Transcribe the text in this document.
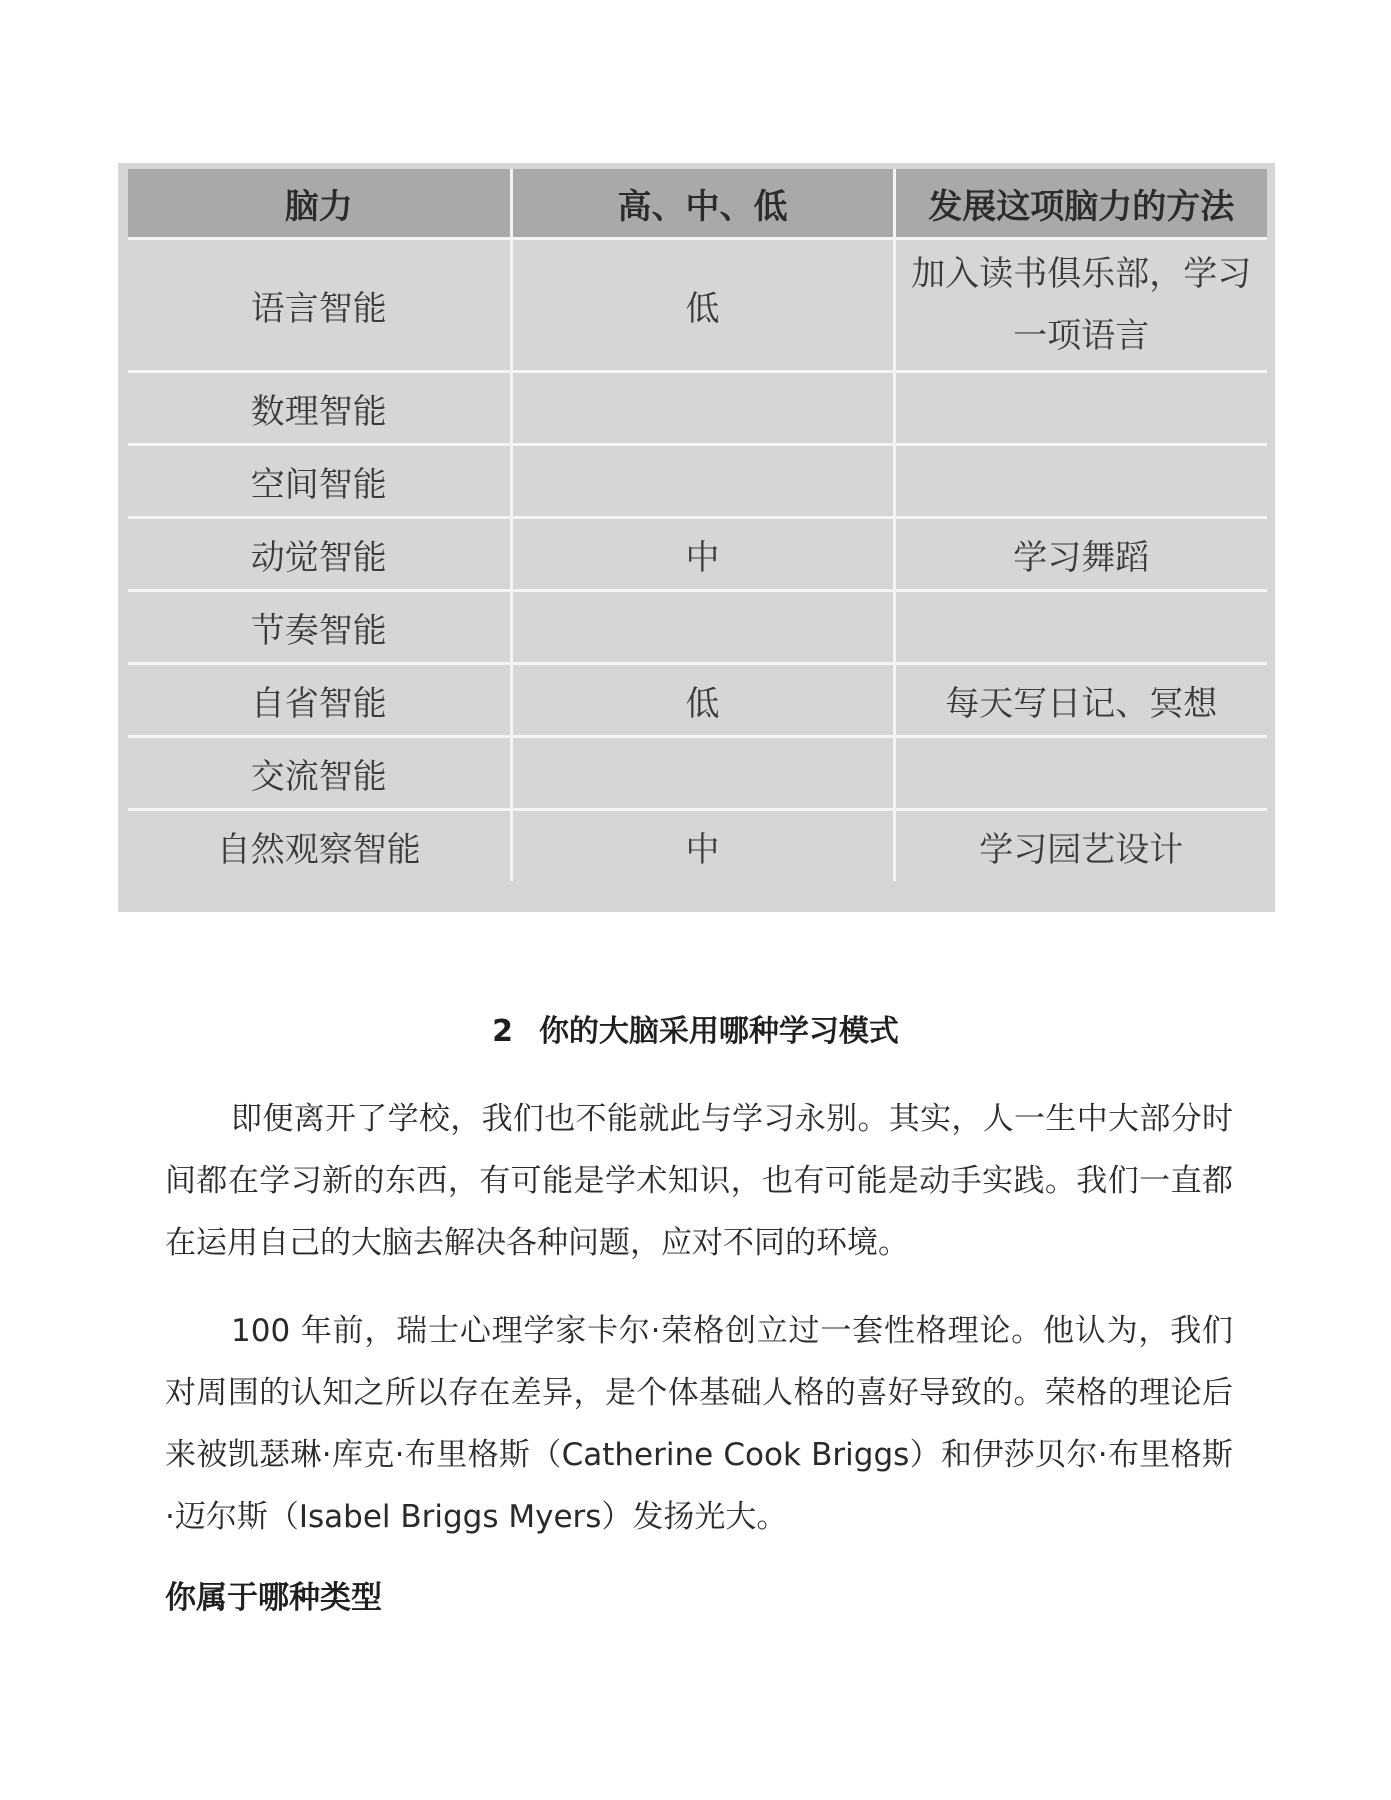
脑力	高、中、低	发展这项脑力的方法
语言智能	低	加入读书俱乐部，学习一项语言
数理智能		
空间智能		
动觉智能	中	学习舞蹈
节奏智能		
自省智能	低	每天写日记、冥想
交流智能		
自然观察智能	中	学习园艺设计
2 你的大脑采用哪种学习模式

即便离开了学校，我们也不能就此与学习永别。其实，人一生中大部分时间都在学习新的东西，有可能是学术知识，也有可能是动手实践。我们一直都在运用自己的大脑去解决各种问题，应对不同的环境。

100 年前，瑞士心理学家卡尔·荣格创立过一套性格理论。他认为，我们对周围的认知之所以存在差异，是个体基础人格的喜好导致的。荣格的理论后来被凯瑟琳·库克·布里格斯（Catherine Cook Briggs）和伊莎贝尔·布里格斯·迈尔斯（Isabel Briggs Myers）发扬光大。

你属于哪种类型
